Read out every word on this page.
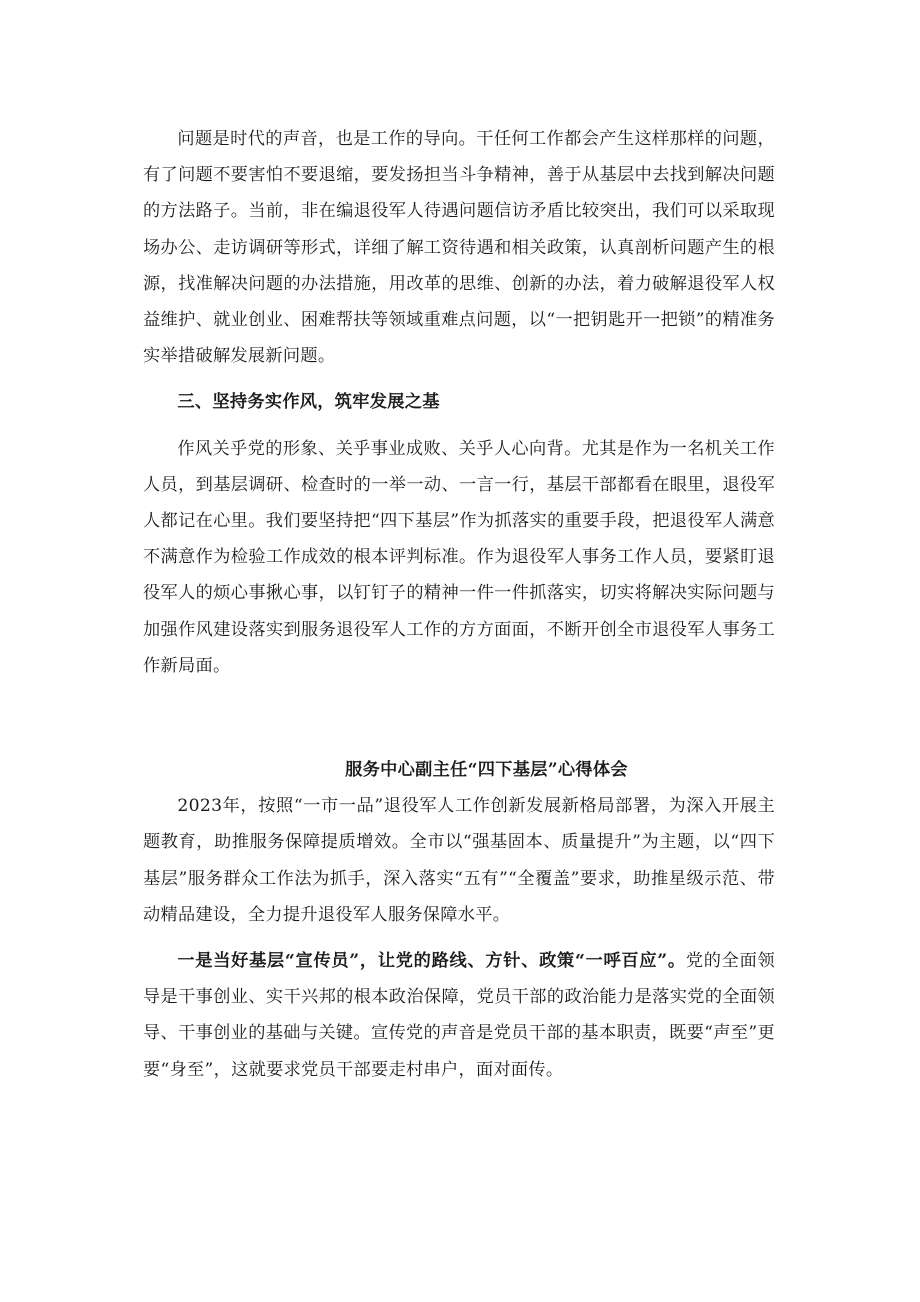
问题是时代的声音，也是工作的导向。干任何工作都会产生这样那样的问题，有了问题不要害怕不要退缩，要发扬担当斗争精神，善于从基层中去找到解决问题的方法路子。当前，非在编退役军人待遇问题信访矛盾比较突出，我们可以采取现场办公、走访调研等形式，详细了解工资待遇和相关政策，认真剖析问题产生的根源，找准解决问题的办法措施，用改革的思维、创新的办法，着力破解退役军人权益维护、就业创业、困难帮扶等领域重难点问题，以“一把钥匙开一把锁”的精准务实举措破解发展新问题。

三、坚持务实作风，筑牢发展之基

作风关乎党的形象、关乎事业成败、关乎人心向背。尤其是作为一名机关工作人员，到基层调研、检查时的一举一动、一言一行，基层干部都看在眼里，退役军人都记在心里。我们要坚持把“四下基层”作为抓落实的重要手段，把退役军人满意不满意作为检验工作成效的根本评判标准。作为退役军人事务工作人员，要紧盯退役军人的烦心事揪心事，以钉钉子的精神一件一件抓落实，切实将解决实际问题与加强作风建设落实到服务退役军人工作的方方面面，不断开创全市退役军人事务工作新局面。

服务中心副主任“四下基层”心得体会

2023年，按照“一市一品”退役军人工作创新发展新格局部署，为深入开展主题教育，助推服务保障提质增效。全市以“强基固本、质量提升”为主题，以“四下基层”服务群众工作法为抓手，深入落实“五有”“全覆盖”要求，助推星级示范、带动精品建设，全力提升退役军人服务保障水平。

一是当好基层“宣传员”，让党的路线、方针、政策“一呼百应”。党的全面领导是干事创业、实干兴邦的根本政治保障，党员干部的政治能力是落实党的全面领导、干事创业的基础与关键。宣传党的声音是党员干部的基本职责，既要“声至”更要“身至”，这就要求党员干部要走村串户，面对面传。
